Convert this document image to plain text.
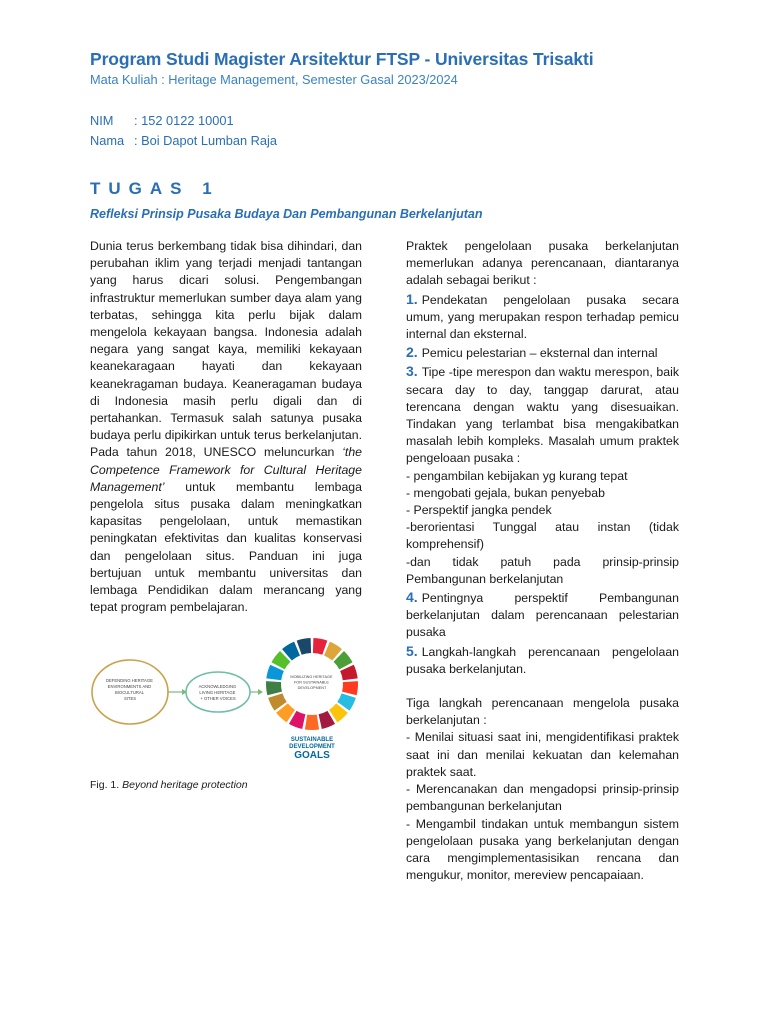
Program Studi Magister Arsitektur FTSP - Universitas Trisakti
Mata Kuliah : Heritage Management, Semester Gasal 2023/2024
NIM	: 152 0122 10001
Nama : Boi Dapot Lumban Raja
TUGAS 1
Refleksi Prinsip Pusaka Budaya Dan Pembangunan Berkelanjutan

Dunia terus berkembang tidak bisa dihindari, dan perubahan iklim yang terjadi menjadi tantangan yang harus dicari solusi. Pengembangan infrastruktur memerlukan sumber daya alam yang terbatas, sehingga kita perlu bijak dalam mengelola kekayaan bangsa. Indonesia adalah negara yang sangat kaya, memiliki kekayaan keanekaragaan hayati dan kekayaan keanekragaman budaya. Keaneragaman budaya di Indonesia masih perlu digali dan di pertahankan. Termasuk salah satunya pusaka budaya perlu dipikirkan untuk terus berkelanjutan. Pada tahun 2018, UNESCO meluncurkan ‘the Competence Framework for Cultural Heritage Management’ untuk membantu lembaga pengelola situs pusaka dalam meningkatkan kapasitas pengelolaan, untuk memastikan peningkatan efektivitas dan kualitas konservasi dan pengelolaan situs. Panduan ini juga bertujuan untuk membantu universitas dan lembaga Pendidikan dalam merancang yang tepat program pembelajaran.

DEFENDING HERITAGE ENVIRONMENTS AND BIOCULTURAL SITES
ACKNOWLEDGING LIVING HERITAGE + OTHER VOICES
MOBILIZING HERITAGE FOR SUSTAINABLE DEVELOPMENT
SUSTAINABLE
DEVELOPMENT
GOALS
Fig. 1. Beyond heritage protection

Praktek pengelolaan pusaka berkelanjutan memerlukan adanya perencanaan, diantaranya adalah sebagai berikut :

1. Pendekatan pengelolaan pusaka secara umum, yang merupakan respon terhadap pemicu internal dan eksternal.

2. Pemicu pelestarian – eksternal dan internal

3. Tipe -tipe merespon dan waktu merespon, baik secara day to day, tanggap darurat, atau terencana dengan waktu yang disesuaikan. Tindakan yang terlambat bisa mengakibatkan masalah lebih kompleks. Masalah umum praktek pengeloaan pusaka :

- pengambilan kebijakan yg kurang tepat

- mengobati gejala, bukan penyebab

- Perspektif jangka pendek

-berorientasi Tunggal atau instan (tidak komprehensif)

-dan tidak patuh pada prinsip-prinsip Pembangunan berkelanjutan

4. Pentingnya perspektif Pembangunan berkelanjutan dalam perencanaan pelestarian pusaka

5. Langkah-langkah perencanaan pengelolaan pusaka berkelanjutan.

Tiga langkah perencanaan mengelola pusaka berkelanjutan :

- Menilai situasi saat ini, mengidentifikasi praktek saat ini dan menilai kekuatan dan kelemahan praktek saat.

- Merencanakan dan mengadopsi prinsip-prinsip pembangunan berkelanjutan

- Mengambil tindakan untuk membangun sistem pengelolaan pusaka yang berkelanjutan dengan cara mengimplementasisikan rencana dan mengukur, monitor, mereview pencapaiaan.
